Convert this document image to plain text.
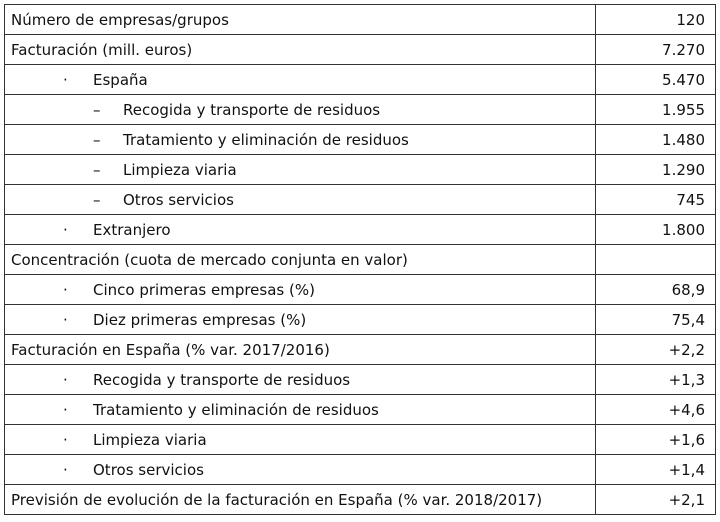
Número de empresas/grupos	120
Facturación (mill. euros)	7.270
· España	5.470
– Recogida y transporte de residuos	1.955
– Tratamiento y eliminación de residuos	1.480
– Limpieza viaria	1.290
– Otros servicios	745
· Extranjero	1.800
Concentración (cuota de mercado conjunta en valor)	
· Cinco primeras empresas (%)	68,9
· Diez primeras empresas (%)	75,4
Facturación en España (% var. 2017/2016)	+2,2
· Recogida y transporte de residuos	+1,3
· Tratamiento y eliminación de residuos	+4,6
· Limpieza viaria	+1,6
· Otros servicios	+1,4
Previsión de evolución de la facturación en España (% var. 2018/2017)	+2,1
